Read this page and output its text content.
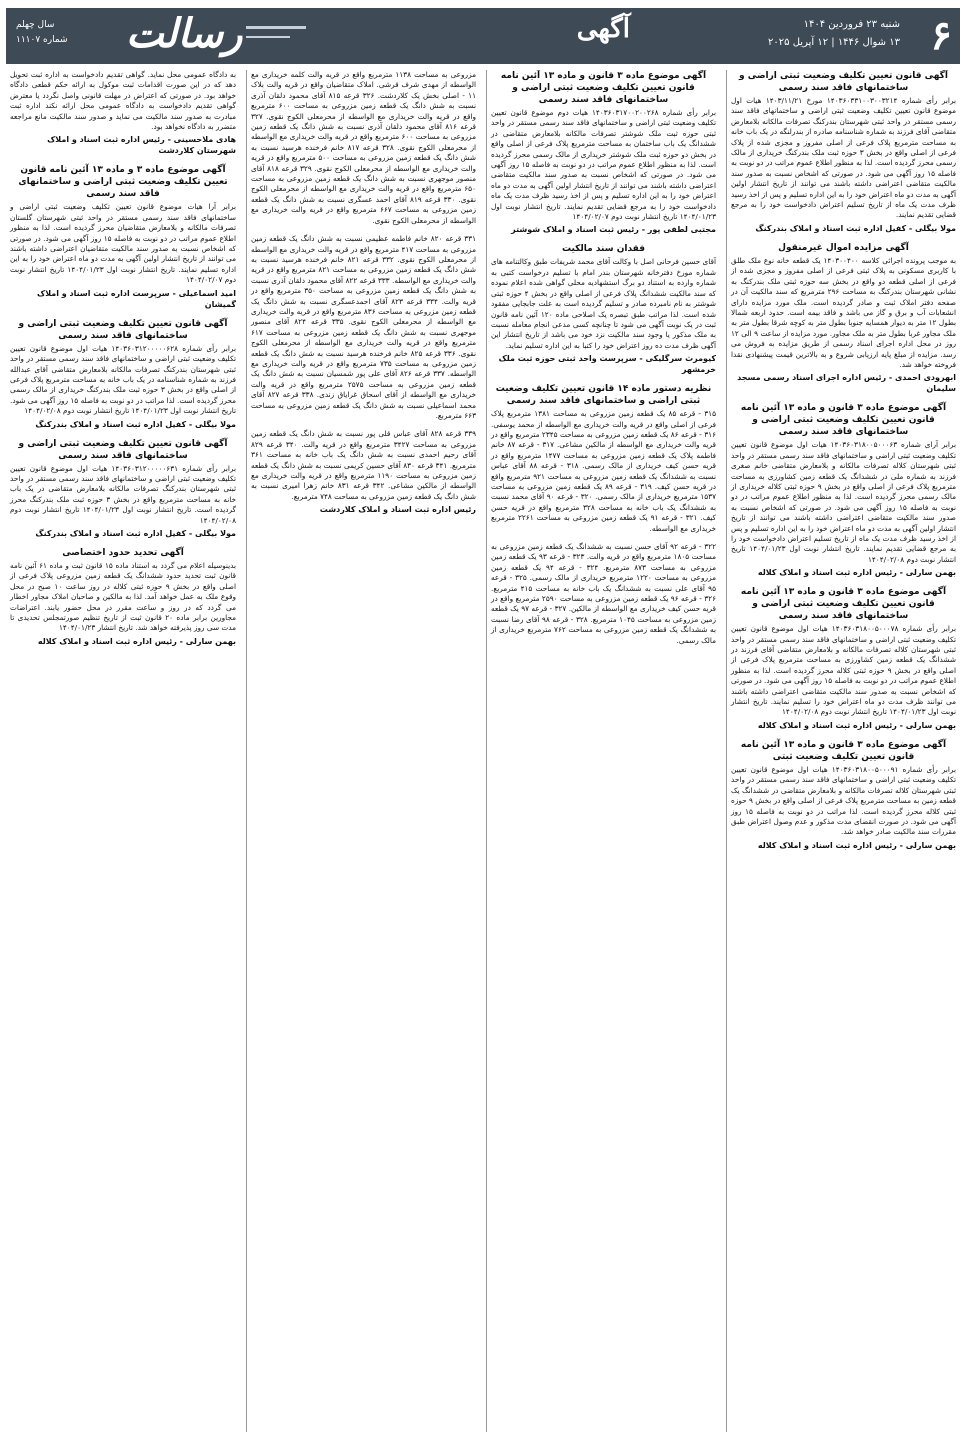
۶
شنبه ۲۳ فروردین ۱۴۰۴
۱۳ شوال ۱۴۴۶ | ۱۲ آپریل ۲۰۲۵
آگهی
رسالت
سال چهلم
شماره ۱۱۱۰۷
آگهی قانون تعیین تکلیف وضعیت ثبتی اراضی و ساختمانهای فاقد سند رسمی

برابر رأی شماره ۱۴۰۳۶۰۳۳۱۰۰۳۰۰۳۲۱۴ مورخ ۱۴۰۳/۱۱/۲۱ هیات اول موضوع قانون تعیین تکلیف وضعیت ثبتی اراضی و ساختمانهای فاقد سند رسمی مستقر در واحد ثبتی شهرستان بندرکنگ تصرفات مالکانه بلامعارض متقاضی آقای فرزند به شماره شناسنامه صادره از بندرلنگه در یک باب خانه به مساحت مترمربع پلاک فرعی از اصلی مفروز و مجزی شده از پلاک فرعی از اصلی واقع در بخش ۳ حوزه ثبت ملک بندرکنگ خریداری از مالک رسمی محرز گردیده است. لذا به منظور اطلاع عموم مراتب در دو نوبت به فاصله ۱۵ روز آگهی می شود. در صورتی که اشخاص نسبت به صدور سند مالکیت متقاضی اعتراضی داشته باشند می توانند از تاریخ انتشار اولین آگهی به مدت دو ماه اعتراض خود را به این اداره تسلیم و پس از اخذ رسید ظرف مدت یک ماه از تاریخ تسلیم اعتراض دادخواست خود را به مرجع قضایی تقدیم نمایند.

مولا بیگلی - کفیل اداره ثبت اسناد و املاک بندرکنگ
آگهی مزایده اموال غیرمنقول

به موجب پرونده اجرائی کلاسه ۱۴۰۳۰۰۴۰۰ یک قطعه خانه نوع ملک طلق با کاربری مسکونی به پلاک ثبتی فرعی از اصلی مفروز و مجزی شده از فرعی از اصلی قطعه دو واقع در بخش سه حوزه ثبتی ملک بندرکنگ به نشانی شهرستان بندرکنگ به مساحت ۲۹۶ مترمربع که سند مالکیت آن در صفحه دفتر املاک ثبت و صادر گردیده است. ملک مورد مزایده دارای انشعابات آب و برق و گاز می باشد و فاقد بیمه است. حدود اربعه شمالا بطول ۱۲ متر به دیوار همسایه جنوبا بطول متر به کوچه شرقا بطول متر به ملک مجاور غربا بطول متر به ملک مجاور. مورد مزایده از ساعت ۹ الی ۱۲ روز در محل اداره اجرای اسناد رسمی از طریق مزایده به فروش می رسد. مزایده از مبلغ پایه ارزیابی شروع و به بالاترین قیمت پیشنهادی نقدا فروخته خواهد شد.

ابهرودی احمدی - رئیس اداره اجرای اسناد رسمی مسجد سلیمان
آگهی موضوع ماده ۳ قانون و ماده ۱۳ آئین نامه قانون تعیین تکلیف وضعیت ثبتی اراضی و ساختمانهای فاقد سند رسمی

برابر آرای شماره ۱۴۰۳۶۰۳۱۸۰۰۵۰۰۰۶۳ هیات اول موضوع قانون تعیین تکلیف وضعیت ثبتی اراضی و ساختمانهای فاقد سند رسمی مستقر در واحد ثبتی شهرستان کلاله تصرفات مالکانه و بلامعارض متقاضی خانم صغری فرزند به شماره ملی در ششدانگ یک قطعه زمین کشاورزی به مساحت مترمربع پلاک فرعی از اصلی واقع در بخش ۹ حوزه ثبتی کلاله خریداری از مالک رسمی محرز گردیده است. لذا به منظور اطلاع عموم مراتب در دو نوبت به فاصله ۱۵ روز آگهی می شود. در صورتی که اشخاص نسبت به صدور سند مالکیت متقاضی اعتراضی داشته باشند می توانند از تاریخ انتشار اولین آگهی به مدت دو ماه اعتراض خود را به این اداره تسلیم و پس از اخذ رسید ظرف مدت یک ماه از تاریخ تسلیم اعتراض دادخواست خود را به مرجع قضایی تقدیم نمایند. تاریخ انتشار نوبت اول ۱۴۰۴/۰۱/۲۳ تاریخ انتشار نوبت دوم ۱۴۰۴/۰۲/۰۸

بهمن سارلی - رئیس اداره ثبت اسناد و املاک کلاله
آگهی موضوع ماده ۳ قانون و ماده ۱۳ آئین نامه قانون تعیین تکلیف وضعیت ثبتی اراضی و ساختمانهای فاقد سند رسمی

برابر رأی شماره ۱۴۰۳۶۰۳۱۸۰۰۵۰۰۰۷۸ هیات اول موضوع قانون تعیین تکلیف وضعیت ثبتی اراضی و ساختمانهای فاقد سند رسمی مستقر در واحد ثبتی شهرستان کلاله تصرفات مالکانه و بلامعارض متقاضی آقای فرزند در ششدانگ یک قطعه زمین کشاورزی به مساحت مترمربع پلاک فرعی از اصلی واقع در بخش ۹ حوزه ثبتی کلاله محرز گردیده است. لذا به منظور اطلاع عموم مراتب در دو نوبت به فاصله ۱۵ روز آگهی می شود. در صورتی که اشخاص نسبت به صدور سند مالکیت متقاضی اعتراضی داشته باشند می توانند ظرف مدت دو ماه اعتراض خود را تسلیم نمایند. تاریخ انتشار نوبت اول ۱۴۰۴/۰۱/۲۳ تاریخ انتشار نوبت دوم ۱۴۰۴/۰۲/۰۸

بهمن سارلی - رئیس اداره ثبت اسناد و املاک کلاله
آگهی موضوع ماده ۳ قانون و ماده ۱۳ آئین نامه قانون تعیین تکلیف وضعیت ثبتی

برابر رأی شماره ۱۴۰۳۶۰۳۱۸۰۰۵۰۰۰۹۱ هیات اول موضوع قانون تعیین تکلیف وضعیت ثبتی اراضی و ساختمانهای فاقد سند رسمی مستقر در واحد ثبتی شهرستان کلاله تصرفات مالکانه و بلامعارض متقاضی در ششدانگ یک قطعه زمین به مساحت مترمربع پلاک فرعی از اصلی واقع در بخش ۹ حوزه ثبتی کلاله محرز گردیده است. لذا مراتب در دو نوبت به فاصله ۱۵ روز آگهی می شود. در صورت انقضای مدت مذکور و عدم وصول اعتراض طبق مقررات سند مالکیت صادر خواهد شد.

بهمن سارلی - رئیس اداره ثبت اسناد و املاک کلاله
آگهی موضوع ماده ۳ قانون و ماده ۱۳ آئین نامه قانون تعیین تکلیف وضعیت ثبتی اراضی و ساختمانهای فاقد سند رسمی

برابر رأی شماره ۱۴۰۳۶۰۳۱۷۰۰۲۰۰۲۶۸ هیات دوم موضوع قانون تعیین تکلیف وضعیت ثبتی اراضی و ساختمانهای فاقد سند رسمی مستقر در واحد ثبتی حوزه ثبت ملک شوشتر تصرفات مالکانه بلامعارض متقاضی در ششدانگ یک باب ساختمان به مساحت مترمربع پلاک فرعی از اصلی واقع در بخش دو حوزه ثبت ملک شوشتر خریداری از مالک رسمی محرز گردیده است. لذا به منظور اطلاع عموم مراتب در دو نوبت به فاصله ۱۵ روز آگهی می شود. در صورتی که اشخاص نسبت به صدور سند مالکیت متقاضی اعتراضی داشته باشند می توانند از تاریخ انتشار اولین آگهی به مدت دو ماه اعتراض خود را به این اداره تسلیم و پس از اخذ رسید ظرف مدت یک ماه دادخواست خود را به مرجع قضایی تقدیم نمایند. تاریخ انتشار نوبت اول ۱۴۰۴/۰۱/۲۳ تاریخ انتشار نوبت دوم ۱۴۰۴/۰۲/۰۷

مجتبی لطفی پور - رئیس ثبت اسناد و املاک شوشتر
فقدان سند مالکیت

آقای حسین فرحانی اصل با وکالت آقای محمد شریفات طبق وکالتنامه های شماره مورخ دفترخانه شهرستان بندر امام با تسلیم درخواست کتبی به شماره وارده به استناد دو برگ استشهادیه محلی گواهی شده اعلام نموده که سند مالکیت ششدانگ پلاک فرعی از اصلی واقع در بخش ۴ حوزه ثبتی شوشتر به نام نامبرده صادر و تسلیم گردیده است به علت جابجایی مفقود شده است. لذا مراتب طبق تبصره یک اصلاحی ماده ۱۲۰ آئین نامه قانون ثبت در یک نوبت آگهی می شود تا چنانچه کسی مدعی انجام معامله نسبت به ملک مذکور یا وجود سند مالکیت نزد خود می باشد از تاریخ انتشار این آگهی ظرف مدت ده روز اعتراض خود را کتبا به این اداره تسلیم نماید.

کیومرث سرگلیکی - سرپرست واحد ثبتی حوزه ثبت ملک خرمشهر
نظریه دستور ماده ۱۴ قانون تعیین تکلیف وضعیت ثبتی اراضی و ساختمانهای فاقد سند رسمی

۳۱۵ - قرعه ۸۵ یک قطعه زمین مزروعی به مساحت ۱۳۸۱ مترمربع پلاک فرعی از اصلی واقع در قریه والت خریداری مع الواسطه از محمد یوسفی. ۳۱۶ - قرعه ۸۶ یک قطعه زمین مزروعی به مساحت ۲۳۴۵ مترمربع واقع در قریه والت خریداری مع الواسطه از مالکین مشاعی. ۳۱۷ - قرعه ۸۷ خانم فاطمه پلاک یک قطعه زمین مزروعی به مساحت ۱۴۷۷ مترمربع واقع در قریه حسن کیف خریداری از مالک رسمی. ۳۱۸ - قرعه ۸۸ آقای عباس نسبت به ششدانگ یک قطعه زمین مزروعی به مساحت ۹۲۱ مترمربع واقع در قریه حسن کیف. ۳۱۹ - قرعه ۸۹ یک قطعه زمین مزروعی به مساحت ۱۵۳۷ مترمربع خریداری از مالک رسمی. ۳۲۰ - قرعه ۹۰ آقای محمد نسبت به ششدانگ یک باب خانه به مساحت ۳۲۸ مترمربع واقع در قریه حسن کیف. ۳۲۱ - قرعه ۹۱ یک قطعه زمین مزروعی به مساحت ۲۲۶۱ مترمربع خریداری مع الواسطه.

۳۲۲ - قرعه ۹۲ آقای حسن نسبت به ششدانگ یک قطعه زمین مزروعی به مساحت ۱۸۰۵ مترمربع واقع در قریه والت. ۳۲۳ - قرعه ۹۳ یک قطعه زمین مزروعی به مساحت ۸۷۳ مترمربع. ۳۲۴ - قرعه ۹۴ یک قطعه زمین مزروعی به مساحت ۱۲۲۰ مترمربع خریداری از مالک رسمی. ۳۲۵ - قرعه ۹۵ آقای علی نسبت به ششدانگ یک باب خانه به مساحت ۴۱۵ مترمربع. ۳۲۶ - قرعه ۹۶ یک قطعه زمین مزروعی به مساحت ۲۵۹۰ مترمربع واقع در قریه حسن کیف خریداری مع الواسطه از مالکین. ۳۲۷ - قرعه ۹۷ یک قطعه زمین مزروعی به مساحت ۱۰۴۵ مترمربع. ۳۲۸ - قرعه ۹۸ آقای رضا نسبت به ششدانگ یک قطعه زمین مزروعی به مساحت ۷۶۲ مترمربع خریداری از مالک رسمی.

مزروعی به مساحت ۱۱۳۸ مترمربع واقع در قریه والت کلمه خریداری مع الواسطه از مهدی شرف قرشی. املاک متقاضیان واقع در قریه والت بلاک ۱۱ - اصلی بخش یک کلاردشت. ۳۲۶ قرعه ۸۱۵ آقای محمود دلقان آذری نسبت به شش دانگ یک قطعه زمین مزروعی به مساحت ۶۰۰ مترمربع واقع در قریه والت خریداری مع الواسطه از محرمعلی الکوج نقوی. ۳۲۷ قرعه ۸۱۶ آقای محمود دلقان آذری نسبت به شش دانگ یک قطعه زمین مزروعی به مساحت ۶۰۰ مترمربع واقع در قریه والت خریداری مع الواسطه از محرمعلی الکوج نقوی. ۳۲۸ قرعه ۸۱۷ خانم فرخنده هرسید نسبت به شش دانگ یک قطعه زمین مزروعی به مساحت ۵۰۰ مترمربع واقع در قریه والت خریداری مع الواسطه از محرمعلی الکوج نقوی. ۳۲۹ قرعه ۸۱۸ آقای منصور موجهری نسبت به شش دانگ یک قطعه زمین مزروعی به مساحت ۶۵۰ مترمربع واقع در قریه والت خریداری مع الواسطه از محرمعلی الکوج نقوی. ۳۳۰ قرعه ۸۱۹ آقای احمد عسگری نسبت به شش دانگ یک قطعه زمین مزروعی به مساحت ۶۶۷ مترمربع واقع در قریه والت خریداری مع الواسطه از محرمعلی الکوج نقوی.

۳۳۱ قرعه ۸۲۰ خانم فاطمه عظیمی نسبت به شش دانگ یک قطعه زمین مزروعی به مساحت ۴۱۷ مترمربع واقع در قریه والت خریداری مع الواسطه از محرمعلی الکوج نقوی. ۳۳۲ قرعه ۸۲۱ خانم فرخنده هرسید نسبت به شش دانگ یک قطعه زمین مزروعی به مساحت ۸۲۱ مترمربع واقع در قریه والت خریداری مع الواسطه. ۳۳۳ قرعه ۸۲۲ آقای محمود دلقان آذری نسبت به شش دانگ یک قطعه زمین مزروعی به مساحت ۳۵۰ مترمربع واقع در قریه والت. ۳۳۴ قرعه ۸۲۳ آقای احمدعسگری نسبت به شش دانگ یک قطعه زمین مزروعی به مساحت ۸۳۶ مترمربع واقع در قریه والت خریداری مع الواسطه از محرمعلی الکوج نقوی. ۳۳۵ قرعه ۸۲۴ آقای منصور موجهری نسبت به شش دانگ یک قطعه زمین مزروعی به مساحت ۶۱۷ مترمربع واقع در قریه والت خریداری مع الواسطه از محرمعلی الکوج نقوی. ۳۳۶ قرعه ۸۲۵ خانم فرخنده هرسید نسبت به شش دانگ یک قطعه زمین مزروعی به مساحت ۷۳۵ مترمربع واقع در قریه والت خریداری مع الواسطه. ۳۳۷ قرعه ۸۲۶ آقای علی پور شمسیان نسبت به شش دانگ یک قطعه زمین مزروعی به مساحت ۲۵۷۵ مترمربع واقع در قریه والت خریداری مع الواسطه از آقای اسحاق غرایاق زندی. ۳۳۸ قرعه ۸۲۷ آقای محمد اسماعیلی نسبت به شش دانگ یک قطعه زمین مزروعی به مساحت ۶۶۳ مترمربع.

۳۳۹ قرعه ۸۲۸ آقای عباس قلی پور نسبت به شش دانگ یک قطعه زمین مزروعی به مساحت ۳۴۲۷ مترمربع واقع در قریه والت. ۳۴۰ قرعه ۸۲۹ آقای رحیم احمدی نسبت به شش دانگ یک باب خانه به مساحت ۳۶۱ مترمربع. ۳۴۱ قرعه ۸۳۰ آقای حسین کریمی نسبت به شش دانگ یک قطعه زمین مزروعی به مساحت ۱۱۹۰ مترمربع واقع در قریه والت خریداری مع الواسطه از مالکین مشاعی. ۳۴۲ قرعه ۸۳۱ خانم زهرا امیری نسبت به شش دانگ یک قطعه زمین مزروعی به مساحت ۷۴۸ مترمربع.

رئیس اداره ثبت اسناد و املاک کلاردشت

به دادگاه عمومی محل نماید. گواهی تقدیم دادخواست به اداره ثبت تحویل دهد که در این صورت اقدامات ثبت موکول به ارائه حکم قطعی دادگاه خواهد بود. در صورتی که اعتراض در مهلت قانونی واصل نگردد یا معترض گواهی تقدیم دادخواست به دادگاه عمومی محل ارائه نکند اداره ثبت مبادرت به صدور سند مالکیت می نماید و صدور سند مالکیت مانع مراجعه متضرر به دادگاه نخواهد بود.

هادی ملاحسینی - رئیس اداره ثبت اسناد و املاک شهرستان کلاردشت
آگهی موضوع ماده ۳ و ماده ۱۳ آئین نامه قانون تعیین تکلیف وضعیت ثبتی اراضی و ساختمانهای فاقد سند رسمی

برابر آرا هیات موضوع قانون تعیین تکلیف وضعیت ثبتی اراضی و ساختمانهای فاقد سند رسمی مستقر در واحد ثبتی شهرستان گلستان تصرفات مالکانه و بلامعارض متقاضیان محرز گردیده است. لذا به منظور اطلاع عموم مراتب در دو نوبت به فاصله ۱۵ روز آگهی می شود. در صورتی که اشخاص نسبت به صدور سند مالکیت متقاضیان اعتراضی داشته باشند می توانند از تاریخ انتشار اولین آگهی به مدت دو ماه اعتراض خود را به این اداره تسلیم نمایند. تاریخ انتشار نوبت اول ۱۴۰۴/۰۱/۲۳ تاریخ انتشار نوبت دوم ۱۴۰۴/۰۲/۰۷

امید اسماعیلی - سرپرست اداره ثبت اسناد و املاک گمیشان
آگهی قانون تعیین تکلیف وضعیت ثبتی اراضی و ساختمانهای فاقد سند رسمی

برابر رأی شماره ۱۴۰۳۶۰۳۱۲۰۰۰۰۰۶۲۸ هیات اول موضوع قانون تعیین تکلیف وضعیت ثبتی اراضی و ساختمانهای فاقد سند رسمی مستقر در واحد ثبتی شهرستان بندرکنگ تصرفات مالکانه بلامعارض متقاضی آقای عبدالله فرزند به شماره شناسنامه در یک باب خانه به مساحت مترمربع پلاک فرعی از اصلی واقع در بخش ۳ حوزه ثبت ملک بندرکنگ خریداری از مالک رسمی محرز گردیده است. لذا مراتب در دو نوبت به فاصله ۱۵ روز آگهی می شود. تاریخ انتشار نوبت اول ۱۴۰۴/۰۱/۲۳ تاریخ انتشار نوبت دوم ۱۴۰۴/۰۲/۰۸

مولا بیگلی - کفیل اداره ثبت اسناد و املاک بندرکنگ
آگهی قانون تعیین تکلیف وضعیت ثبتی اراضی و ساختمانهای فاقد سند رسمی

برابر رأی شماره ۱۴۰۳۶۰۳۱۲۰۰۰۰۰۶۳۱ هیات اول موضوع قانون تعیین تکلیف وضعیت ثبتی اراضی و ساختمانهای فاقد سند رسمی مستقر در واحد ثبتی شهرستان بندرکنگ تصرفات مالکانه بلامعارض متقاضی در یک باب خانه به مساحت مترمربع واقع در بخش ۳ حوزه ثبت ملک بندرکنگ محرز گردیده است. تاریخ انتشار نوبت اول ۱۴۰۴/۰۱/۲۳ تاریخ انتشار نوبت دوم ۱۴۰۴/۰۲/۰۸

مولا بیگلی - کفیل اداره ثبت اسناد و املاک بندرکنگ
آگهی تحدید حدود اختصاصی

بدینوسیله اعلام می گردد به استناد ماده ۱۵ قانون ثبت و ماده ۶۱ آئین نامه قانون ثبت تحدید حدود ششدانگ یک قطعه زمین مزروعی پلاک فرعی از اصلی واقع در بخش ۹ حوزه ثبتی کلاله در روز ساعت ۱۰ صبح در محل وقوع ملک به عمل خواهد آمد. لذا به مالکین و صاحبان املاک مجاور اخطار می گردد که در روز و ساعت مقرر در محل حضور یابند. اعتراضات مجاورین برابر ماده ۲۰ قانون ثبت از تاریخ تنظیم صورتمجلس تحدیدی تا مدت سی روز پذیرفته خواهد شد. تاریخ انتشار ۱۴۰۴/۰۱/۲۳

بهمن سارلی - رئیس اداره ثبت اسناد و املاک کلاله
